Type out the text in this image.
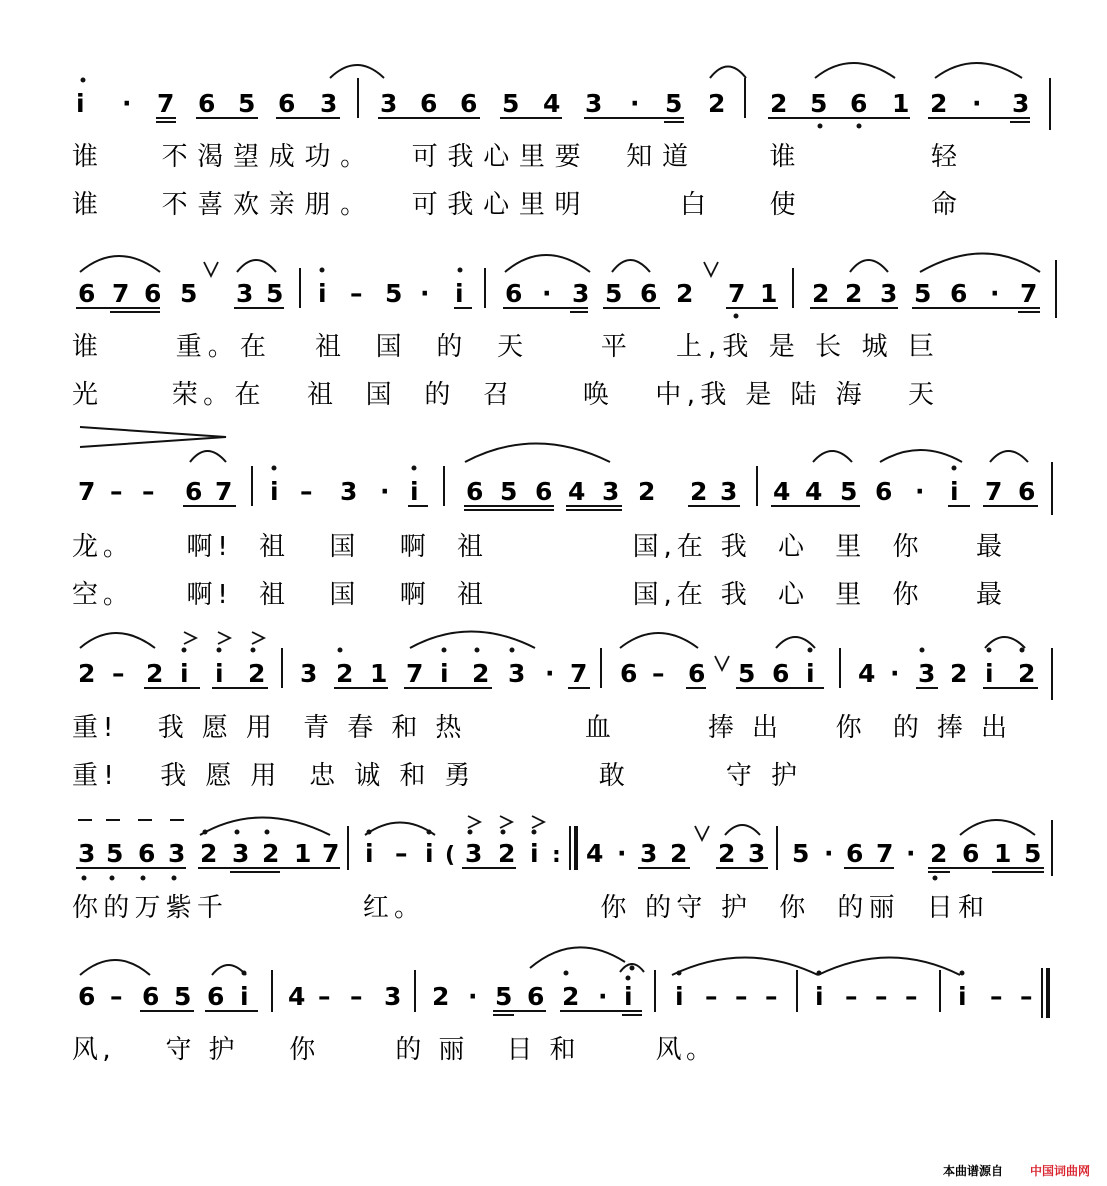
i · 7 6 5 6 3 3 6 6 5 4 3 · 5 2 2 5 6 1 2 · 3
谁   不渴望成功。  可我心里要  知道    谁       轻
谁   不喜欢亲朋。  可我心里明     白   使       命
6 7 6 5 3 5 i – 5 · i 6 · 3 5 6 2 7 1 2 2 3 5 6 · 7
谁     重。在   祖  国  的  天     平   上,我 是 长 城 巨
光     荣。在   祖  国  的  召     唤   中,我 是 陆 海   天
7 – – 6 7 i – 3 · i 6 5 6 4 3 2 2 3 4 4 5 6 · i 7 6
龙。    啊!  祖   国   啊  祖           国,在 我  心  里  你    最
空。    啊!  祖   国   啊  祖           国,在 我  心  里  你    最
2 – 2 i i 2 3 2 1 7 i 2 3 · 7 6 – 6 5 6 i 4 · 3 2 i 2
重!   我 愿 用  青 春 和 热         血       捧 出    你  的 捧 出
重!   我 愿 用  忠 诚 和 勇         敢       守 护
3 5 6 3 2 3 2 1 7 i – i ( 3 2 i : 4 · 3 2 2 3 5 · 6 7 · 2 6 1 5
你的万紫千          红。             你 的守 护  你  的丽  日和
6 – 6 5 6 i 4 – – 3 2 · 5 6 2 · i i – – – i – – – i – –
风,    守 护    你      的 丽   日 和      风。
本曲谱源自 中国词曲网
